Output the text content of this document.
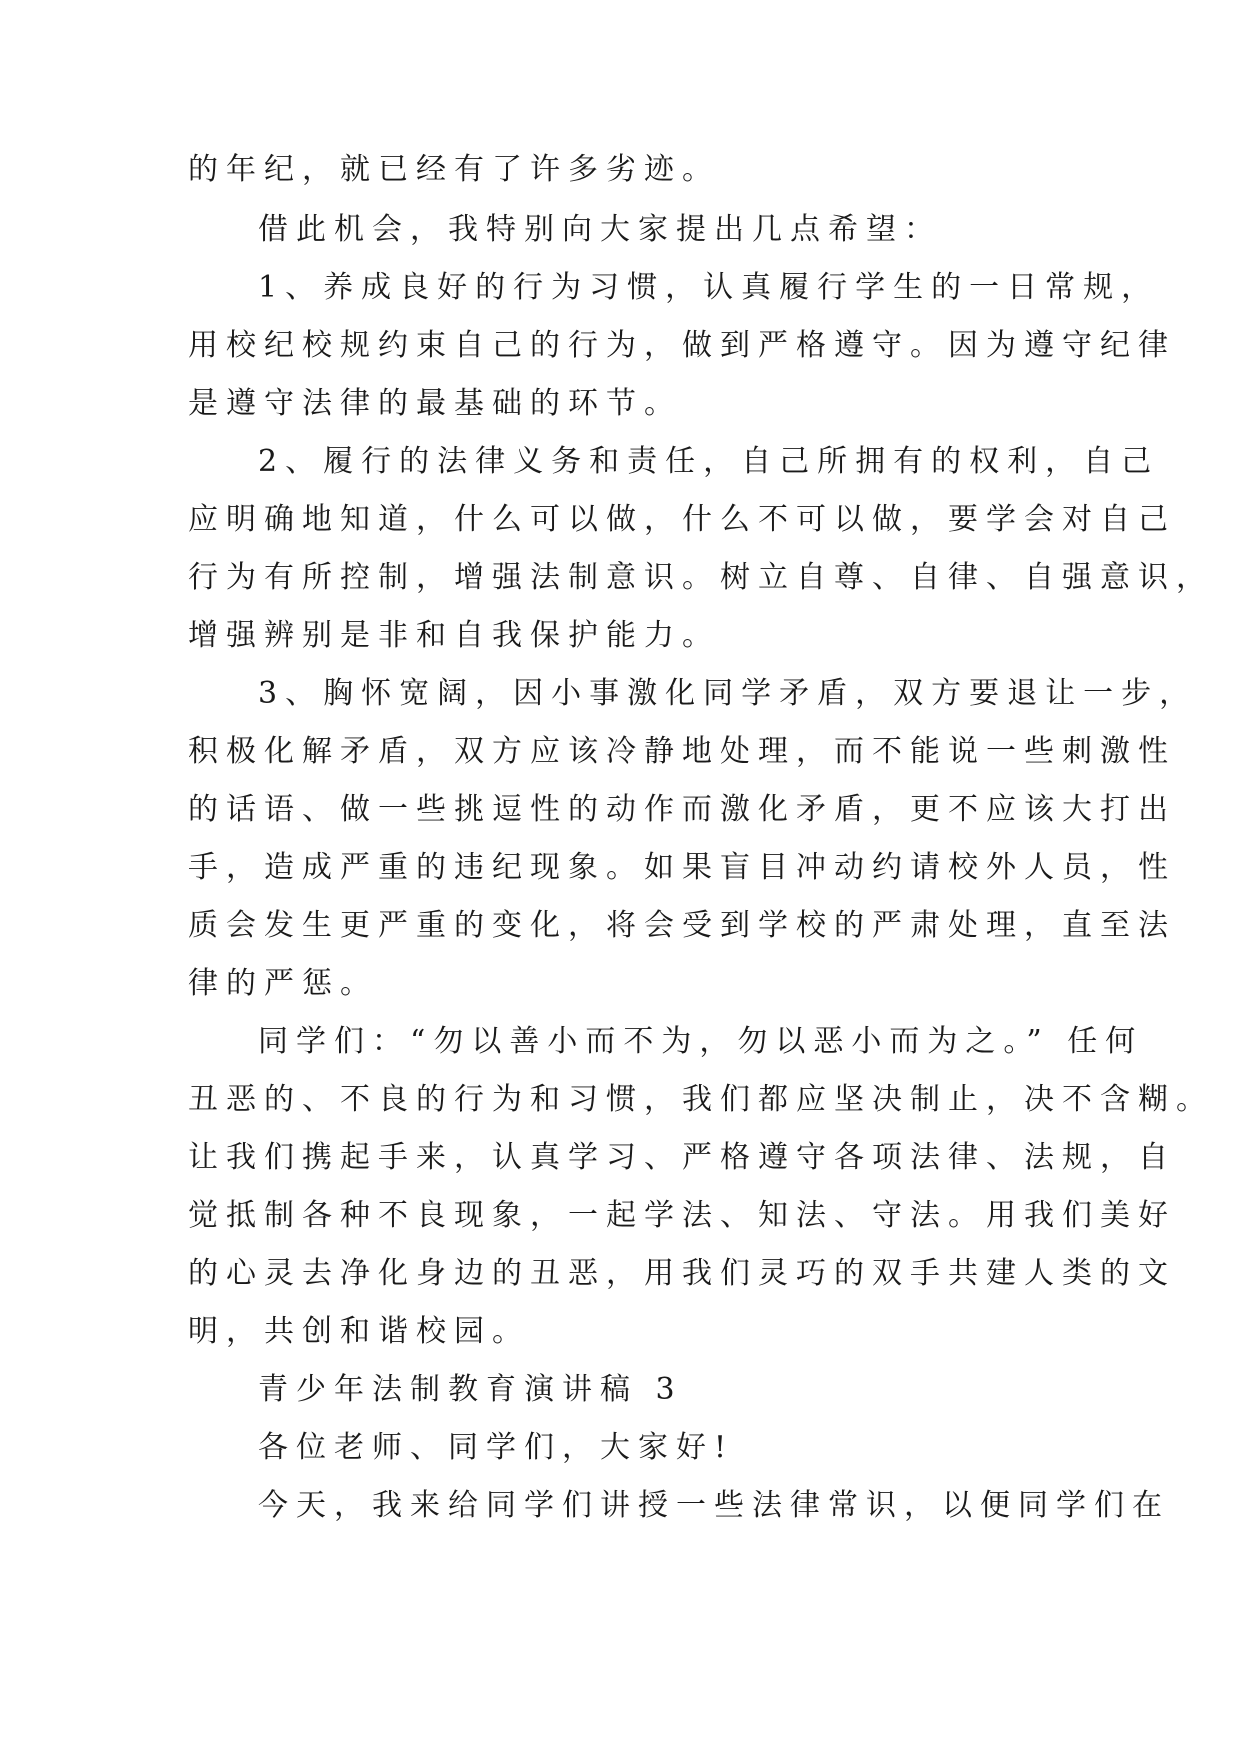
的年纪，就已经有了许多劣迹。
借此机会，我特别向大家提出几点希望：
1、养成良好的行为习惯，认真履行学生的一日常规，
用校纪校规约束自己的行为，做到严格遵守。因为遵守纪律
是遵守法律的最基础的环节。
2、履行的法律义务和责任，自己所拥有的权利，自己
应明确地知道，什么可以做，什么不可以做，要学会对自己
行为有所控制，增强法制意识。树立自尊、自律、自强意识，
增强辨别是非和自我保护能力。
3、胸怀宽阔，因小事激化同学矛盾，双方要退让一步，
积极化解矛盾，双方应该冷静地处理，而不能说一些刺激性
的话语、做一些挑逗性的动作而激化矛盾，更不应该大打出
手，造成严重的违纪现象。如果盲目冲动约请校外人员，性
质会发生更严重的变化，将会受到学校的严肃处理，直至法
律的严惩。
同学们：“勿以善小而不为，勿以恶小而为之。” 任何
丑恶的、不良的行为和习惯，我们都应坚决制止，决不含糊。
让我们携起手来，认真学习、严格遵守各项法律、法规，自
觉抵制各种不良现象，一起学法、知法、守法。用我们美好
的心灵去净化身边的丑恶，用我们灵巧的双手共建人类的文
明，共创和谐校园。
青少年法制教育演讲稿 3
各位老师、同学们，大家好!
今天，我来给同学们讲授一些法律常识，以便同学们在
